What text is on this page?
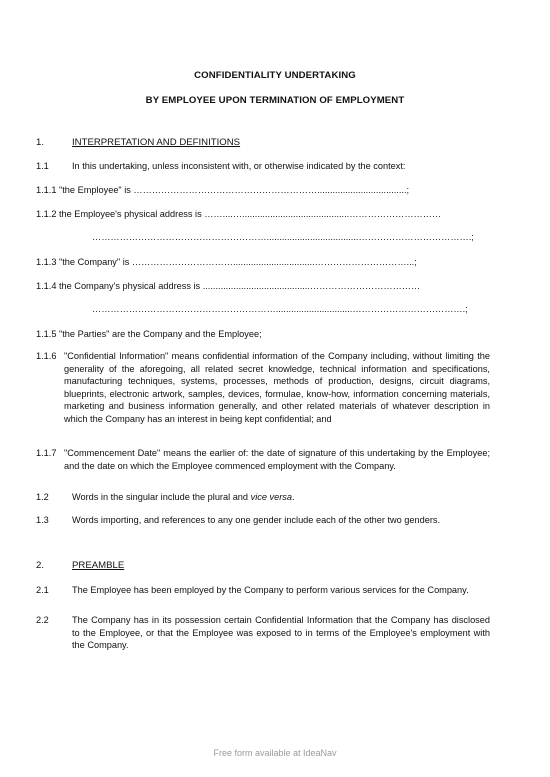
CONFIDENTIALITY UNDERTAKING
BY EMPLOYEE UPON TERMINATION OF EMPLOYMENT
1.	INTERPRETATION AND DEFINITIONS
1.1	In this undertaking, unless inconsistent with, or otherwise indicated by the context:
1.1.1 "the Employee" is ……………………………………………………...................................;
1.1.2 the Employee's physical address is ……....…..........................................…………………………
…………………………………………………....................................……………………………….;
1.1.3 "the Company" is ……………………………................................…………………………...;
1.1.4 the Company's physical address is ..........................................………………………………
……………………………………………………..............................……………………………….;
1.1.5 "the Parties" are the Company and the Employee;
1.1.6 "Confidential Information" means confidential information of the Company including, without limiting the generality of the aforegoing, all related secret knowledge, technical information and specifications, manufacturing techniques, systems, processes, methods of production, designs, circuit diagrams, blueprints, electronic artwork, samples, devices, formulae, know-how, information concerning materials, marketing and business information generally, and other related materials of whatever description in which the Company has an interest in being kept confidential; and
1.1.7 "Commencement Date" means the earlier of: the date of signature of this undertaking by the Employee; and the date on which the Employee commenced employment with the Company.
1.2	Words in the singular include the plural and vice versa.
1.3	Words importing, and references to any one gender include each of the other two genders.
2.	PREAMBLE
2.1	The Employee has been employed by the Company to perform various services for the Company.
2.2	The Company has in its possession certain Confidential Information that the Company has disclosed to the Employee, or that the Employee was exposed to in terms of the Employee's employment with the Company.
Free form available at IdeaNav
